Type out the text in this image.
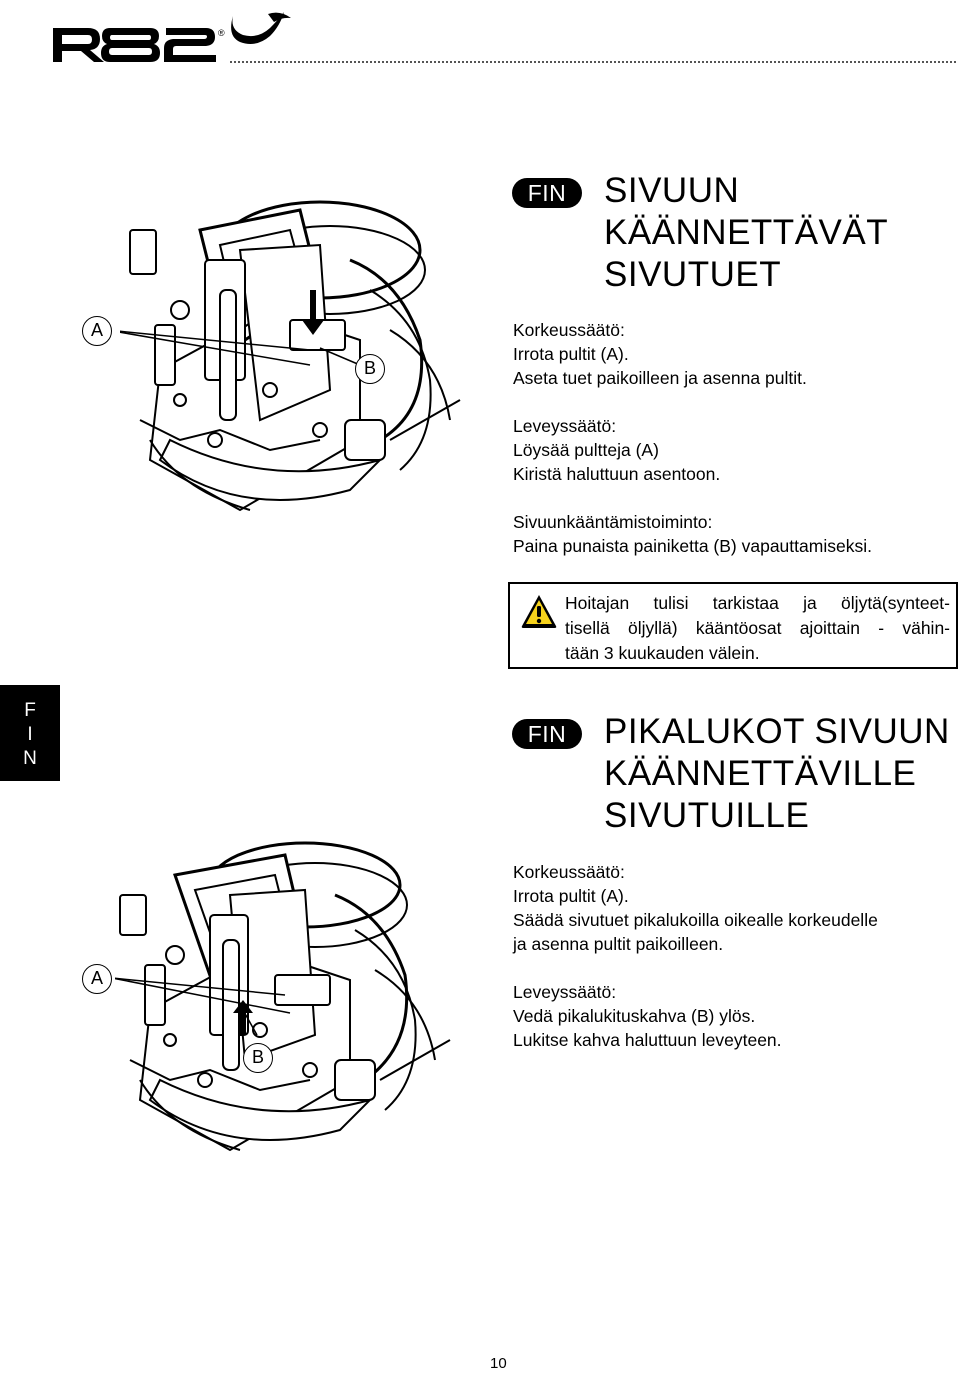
®
FIN	SIVUUN
KÄÄNNETTÄVÄT
SIVUTUET
Korkeussäätö:
Irrota pultit (A).
Aseta tuet paikoilleen ja asenna pultit.
Leveyssäätö:
Löysää pultteja (A)
Kiristä haluttuun asentoon.
Sivuunkääntämistoiminto:
Paina punaista painiketta (B) vapauttamiseksi.
Hoitajan tulisi tarkistaa ja öljytä(synteet-
tisellä öljyllä) kääntöosat ajoittain - vähin-
tään 3 kuukauden välein.
A
B
F
I
N
FIN	PIKALUKOT SIVUUN
KÄÄNNETTÄVILLE
SIVUTUILLE
Korkeussäätö:
Irrota pultit (A).
Säädä sivutuet pikalukoilla oikealle korkeudelle
ja asenna pultit paikoilleen.
Leveyssäätö:
Vedä pikalukituskahva (B) ylös.
Lukitse kahva haluttuun leveyteen.
A
B
10
